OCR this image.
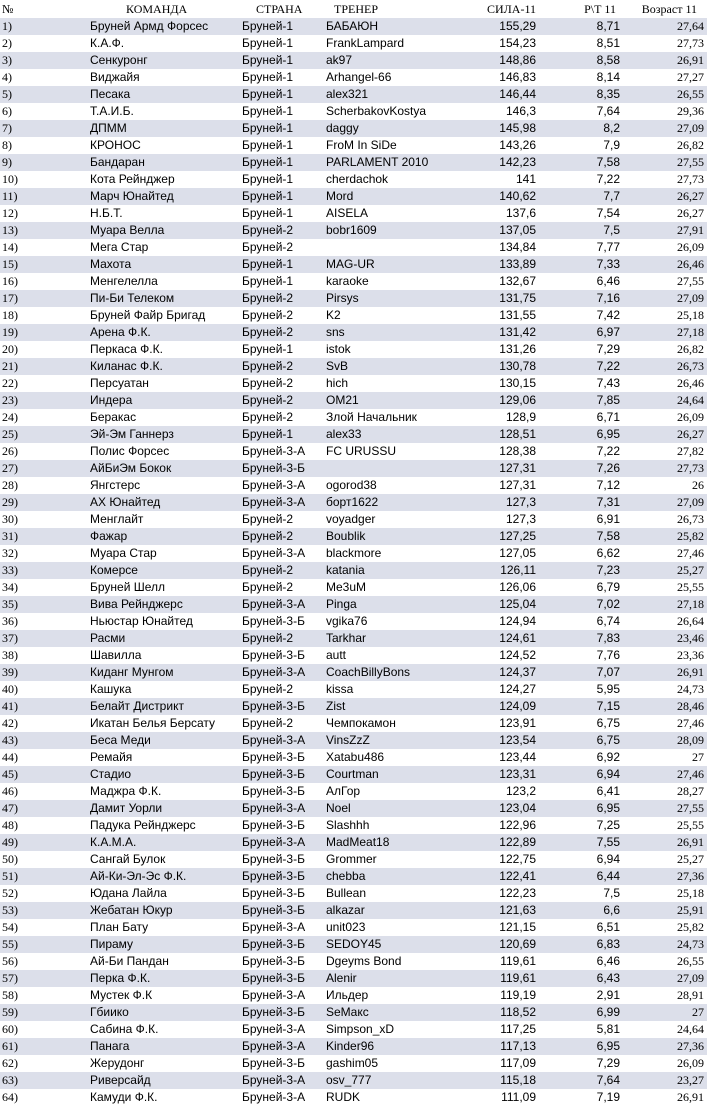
№	КОМАНДА	СТРАНА	ТРЕНЕР	СИЛА-11	Р\Т 11	Возраст 11
1)	Бруней Армд Форсес	Бруней-1	БАБАЮН	155,29	8,71	27,64
2)	К.А.Ф.	Бруней-1	FrankLampard	154,23	8,51	27,73
3)	Сенкуронг	Бруней-1	ak97	148,86	8,58	26,91
4)	Виджайя	Бруней-1	Arhangel-66	146,83	8,14	27,27
5)	Песака	Бруней-1	alex321	146,44	8,35	26,55
6)	Т.А.И.Б.	Бруней-1	ScherbakovKostya	146,3	7,64	29,36
7)	ДПММ	Бруней-1	daggy	145,98	8,2	27,09
8)	КРОНОС	Бруней-1	FroM In SiDe	143,26	7,9	26,82
9)	Бандаран	Бруней-1	PARLAMENT 2010	142,23	7,58	27,55
10)	Кота Рейнджер	Бруней-1	cherdachok	141	7,22	27,73
11)	Марч Юнайтед	Бруней-1	Mord	140,62	7,7	26,27
12)	Н.Б.Т.	Бруней-1	AISELA	137,6	7,54	26,27
13)	Муара Велла	Бруней-2	bobr1609	137,05	7,5	27,91
14)	Мега Стар	Бруней-2		134,84	7,77	26,09
15)	Махота	Бруней-1	MAG-UR	133,89	7,33	26,46
16)	Менгелелла	Бруней-1	karaoke	132,67	6,46	27,55
17)	Пи-Би Телеком	Бруней-2	Pirsys	131,75	7,16	27,09
18)	Бруней Файр Бригад	Бруней-2	K2	131,55	7,42	25,18
19)	Арена Ф.К.	Бруней-2	sns	131,42	6,97	27,18
20)	Перкаса Ф.К.	Бруней-1	istok	131,26	7,29	26,82
21)	Киланас Ф.К.	Бруней-2	SvB	130,78	7,22	26,73
22)	Персуатан	Бруней-2	hich	130,15	7,43	26,46
23)	Индера	Бруней-2	OM21	129,06	7,85	24,64
24)	Беракас	Бруней-2	Злой Начальник	128,9	6,71	26,09
25)	Эй-Эм Ганнерз	Бруней-1	alex33	128,51	6,95	26,27
26)	Полис Форсес	Бруней-3-А	FC URUSSU	128,38	7,22	27,82
27)	АйБиЭм Бокок	Бруней-3-Б		127,31	7,26	27,73
28)	Янгстерс	Бруней-3-А	ogorod38	127,31	7,12	26
29)	АХ Юнайтед	Бруней-3-А	борт1622	127,3	7,31	27,09
30)	Менглайт	Бруней-2	voyadger	127,3	6,91	26,73
31)	Фажар	Бруней-2	Boublik	127,25	7,58	25,82
32)	Муара Стар	Бруней-3-А	blackmore	127,05	6,62	27,46
33)	Комерсе	Бруней-2	katania	126,11	7,23	25,27
34)	Бруней Шелл	Бруней-2	Me3uM	126,06	6,79	25,55
35)	Вива Рейнджерс	Бруней-3-А	Pinga	125,04	7,02	27,18
36)	Ньюстар Юнайтед	Бруней-3-Б	vgika76	124,94	6,74	26,64
37)	Расми	Бруней-2	Tarkhar	124,61	7,83	23,46
38)	Шавилла	Бруней-3-Б	autt	124,52	7,76	23,36
39)	Киданг Мунгом	Бруней-3-А	CoachBillyBons	124,37	7,07	26,91
40)	Кашука	Бруней-2	kissa	124,27	5,95	24,73
41)	Белайт Дистрикт	Бруней-3-Б	Zist	124,09	7,15	28,46
42)	Икатан Белья Берсату	Бруней-2	Чемпокамон	123,91	6,75	27,46
43)	Беса Меди	Бруней-3-А	VinsZzZ	123,54	6,75	28,09
44)	Ремайя	Бруней-3-Б	Xatabu486	123,44	6,92	27
45)	Стадио	Бруней-3-Б	Courtman	123,31	6,94	27,46
46)	Маджра Ф.К.	Бруней-3-Б	АлГор	123,2	6,41	28,27
47)	Дамит Уорли	Бруней-3-А	Noel	123,04	6,95	27,55
48)	Падука Рейнджерс	Бруней-3-Б	Slashhh	122,96	7,25	25,55
49)	К.А.М.А.	Бруней-3-А	MadMeat18	122,89	7,55	26,91
50)	Сангай Булок	Бруней-3-Б	Grommer	122,75	6,94	25,27
51)	Ай-Ки-Эл-Эс Ф.К.	Бруней-3-Б	chebba	122,41	6,44	27,36
52)	Юдана Лайла	Бруней-3-Б	Bullean	122,23	7,5	25,18
53)	Жебатан Юкур	Бруней-3-Б	alkazar	121,63	6,6	25,91
54)	План Бату	Бруней-3-А	unit023	121,15	6,51	25,82
55)	Пираму	Бруней-3-Б	SEDOY45	120,69	6,83	24,73
56)	Ай-Би Пандан	Бруней-3-Б	Dgeyms Bond	119,61	6,46	26,55
57)	Перка Ф.К.	Бруней-3-Б	Alenir	119,61	6,43	27,09
58)	Мустек Ф.К	Бруней-3-А	Ильдер	119,19	2,91	28,91
59)	Гбиико	Бруней-3-Б	SeMaкс	118,52	6,99	27
60)	Сабина Ф.К.	Бруней-3-А	Simpson_xD	117,25	5,81	24,64
61)	Панага	Бруней-3-А	Kinder96	117,13	6,95	27,36
62)	Жерудонг	Бруней-3-Б	gashim05	117,09	7,29	26,09
63)	Риверсайд	Бруней-3-А	osv_777	115,18	7,64	23,27
64)	Камуди Ф.К.	Бруней-3-А	RUDK	111,09	7,19	26,91
